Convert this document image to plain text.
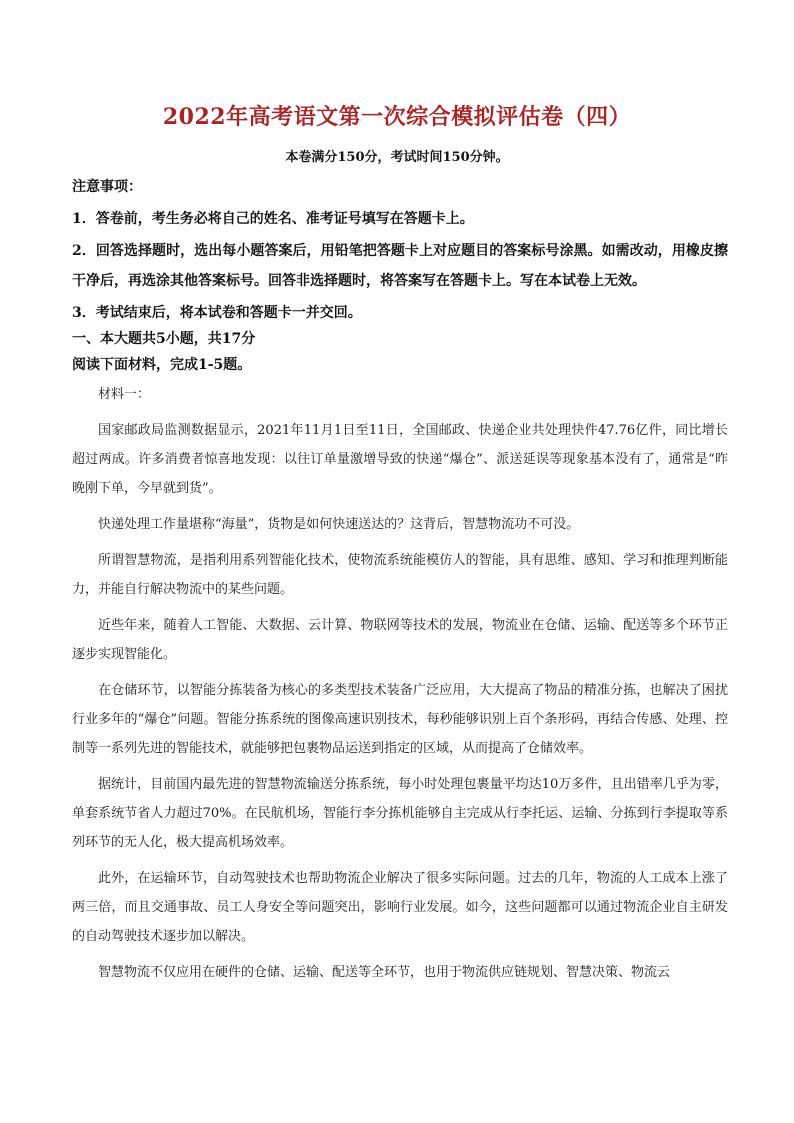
2022年高考语文第一次综合模拟评估卷（四）
本卷满分150分，考试时间150分钟。
注意事项：
1．答卷前，考生务必将自己的姓名、准考证号填写在答题卡上。
2．回答选择题时，选出每小题答案后，用铅笔把答题卡上对应题目的答案标号涂黑。如需改动，用橡皮擦干净后，再选涂其他答案标号。回答非选择题时，将答案写在答题卡上。写在本试卷上无效。
3．考试结束后，将本试卷和答题卡一并交回。
一、本大题共5小题，共17分
阅读下面材料，完成1-5题。

材料一：

国家邮政局监测数据显示，2021年11月1日至11日，全国邮政、快递企业共处理快件47.76亿件，同比增长超过两成。许多消费者惊喜地发现：以往订单量激增导致的快递“爆仓”、派送延误等现象基本没有了，通常是“昨晚刚下单，今早就到货”。

快递处理工作量堪称“海量”，货物是如何快速送达的？这背后，智慧物流功不可没。

所谓智慧物流，是指利用系列智能化技术，使物流系统能模仿人的智能，具有思维、感知、学习和推理判断能力，并能自行解决物流中的某些问题。

近些年来，随着人工智能、大数据、云计算、物联网等技术的发展，物流业在仓储、运输、配送等多个环节正逐步实现智能化。

在仓储环节，以智能分拣装备为核心的多类型技术装备广泛应用，大大提高了物品的精准分拣，也解决了困扰行业多年的“爆仓”问题。智能分拣系统的图像高速识别技术，每秒能够识别上百个条形码，再结合传感、处理、控制等一系列先进的智能技术，就能够把包裹物品运送到指定的区域，从而提高了仓储效率。

据统计，目前国内最先进的智慧物流输送分拣系统，每小时处理包裹量平均达10万多件，且出错率几乎为零，单套系统节省人力超过70%。在民航机场，智能行李分拣机能够自主完成从行李托运、运输、分拣到行李提取等系列环节的无人化，极大提高机场效率。

此外，在运输环节，自动驾驶技术也帮助物流企业解决了很多实际问题。过去的几年，物流的人工成本上涨了两三倍，而且交通事故、员工人身安全等问题突出，影响行业发展。如今，这些问题都可以通过物流企业自主研发的自动驾驶技术逐步加以解决。

智慧物流不仅应用在硬件的仓储、运输、配送等全环节，也用于物流供应链规划、智慧决策、物流云
